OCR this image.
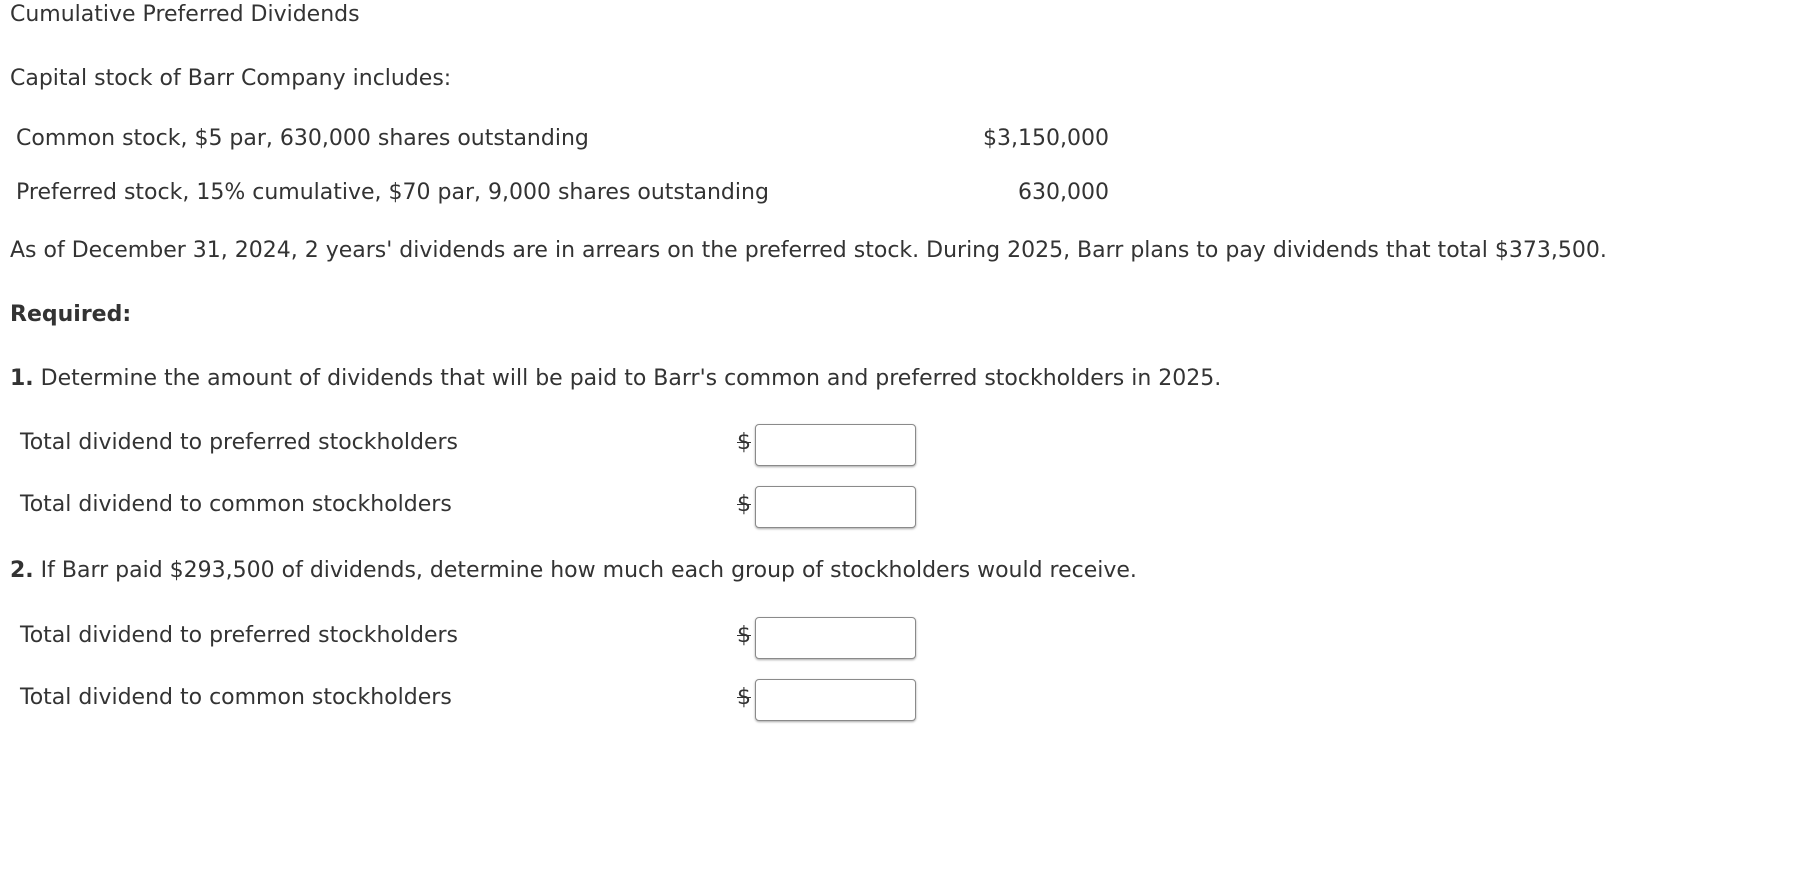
Cumulative Preferred Dividends
Capital stock of Barr Company includes:
Common stock, $5 par, 630,000 shares outstanding	$3,150,000
Preferred stock, 15% cumulative, $70 par, 9,000 shares outstanding	630,000
As of December 31, 2024, 2 years' dividends are in arrears on the preferred stock. During 2025, Barr plans to pay dividends that total $373,500.
Required:
1. Determine the amount of dividends that will be paid to Barr's common and preferred stockholders in 2025.
Total dividend to preferred stockholders	$
Total dividend to common stockholders	$
2. If Barr paid $293,500 of dividends, determine how much each group of stockholders would receive.
Total dividend to preferred stockholders	$
Total dividend to common stockholders	$
